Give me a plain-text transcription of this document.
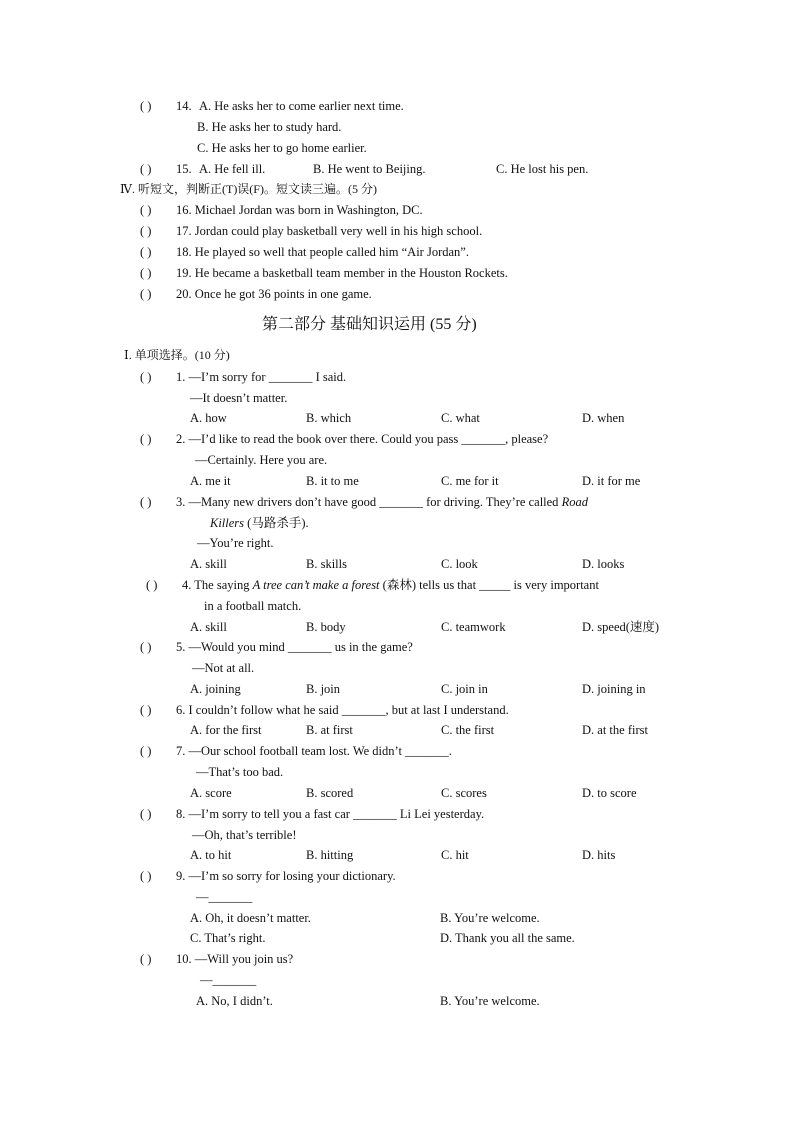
( ) 14. A. He asks her to come earlier next time.
B. He asks her to study hard.
C. He asks her to go home earlier.
( ) 15. A. He fell ill.	B. He went to Beijing.	C. He lost his pen.
Ⅳ. 听短文，判断正(T)误(F)。短文读三遍。(5 分)
( ) 16. Michael Jordan was born in Washington, DC.
( ) 17. Jordan could play basketball very well in his high school.
( ) 18. He played so well that people called him “Air Jordan”.
( ) 19. He became a basketball team member in the Houston Rockets.
( ) 20. Once he got 36 points in one game.
第二部分 基础知识运用 (55 分)
Ⅰ. 单项选择。(10 分)
( ) 1. —I’m sorry for _______ I said.
—It doesn’t matter.
A. how	B. which	C. what	D. when
( ) 2. —I’d like to read the book over there. Could you pass _______, please?
—Certainly. Here you are.
A. me it	B. it to me	C. me for it	D. it for me
( ) 3. —Many new drivers don’t have good _______ for driving. They’re called Road
Killers (马路杀手).
—You’re right.
A. skill	B. skills	C. look	D. looks
( ) 4. The saying A tree can’t make a forest (森林) tells us that _____ is very important
in a football match.
A. skill	B. body	C. teamwork	D. speed(速度)
( ) 5. —Would you mind _______ us in the game?
—Not at all.
A. joining	B. join	C. join in	D. joining in
( ) 6. I couldn’t follow what he said _______, but at last I understand.
A. for the first	B. at first	C. the first	D. at the first
( ) 7. —Our school football team lost. We didn’t _______.
—That’s too bad.
A. score	B. scored	C. scores	D. to score
( ) 8. —I’m sorry to tell you a fast car _______ Li Lei yesterday.
—Oh, that’s terrible!
A. to hit	B. hitting	C. hit	D. hits
( ) 9. —I’m so sorry for losing your dictionary.
—_______
A. Oh, it doesn’t matter.	B. You’re welcome.
C. That’s right.	D. Thank you all the same.
( ) 10. —Will you join us?
—_______
A. No, I didn’t.	B. You’re welcome.
